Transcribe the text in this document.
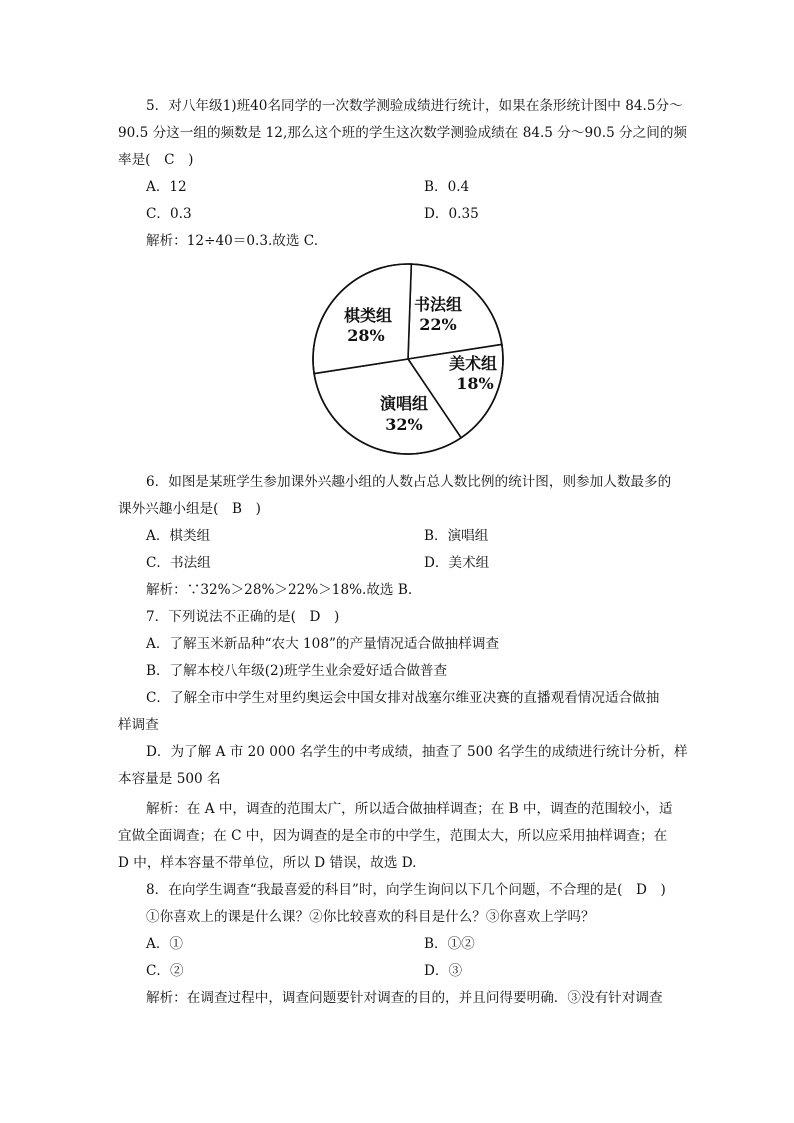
5．对八年级1)班40名同学的一次数学测验成绩进行统计，如果在条形统计图中 84.5分～
90.5 分这一组的频数是 12,那么这个班的学生这次数学测验成绩在 84.5 分～90.5 分之间的频
率是(　C　)
A．12	B．0.4
C．0.3	D．0.35
解析：12÷40＝0.3.故选 C.
书法组
22%
美术组
18%
演唱组
32%
棋类组
28%
6．如图是某班学生参加课外兴趣小组的人数占总人数比例的统计图，则参加人数最多的
课外兴趣小组是(　B　)
A．棋类组	B．演唱组
C．书法组	D．美术组
解析：∵32%＞28%＞22%＞18%.故选 B.
7．下列说法不正确的是(　D　)
A．了解玉米新品种“农大 108”的产量情况适合做抽样调查
B．了解本校八年级(2)班学生业余爱好适合做普查
C．了解全市中学生对里约奥运会中国女排对战塞尔维亚决赛的直播观看情况适合做抽
样调查
D．为了解 A 市 20 000 名学生的中考成绩，抽查了 500 名学生的成绩进行统计分析，样
本容量是 500 名
解析：在 A 中，调查的范围太广，所以适合做抽样调查；在 B 中，调查的范围较小，适
宜做全面调查；在 C 中，因为调查的是全市的中学生，范围太大，所以应采用抽样调查；在
D 中，样本容量不带单位，所以 D 错误，故选 D.
8．在向学生调查“我最喜爱的科目”时，向学生询问以下几个问题，不合理的是(　D　)
①你喜欢上的课是什么课？②你比较喜欢的科目是什么？③你喜欢上学吗？
A．①	B．①②
C．②	D．③
解析：在调查过程中，调查问题要针对调查的目的，并且问得要明确．③没有针对调查
